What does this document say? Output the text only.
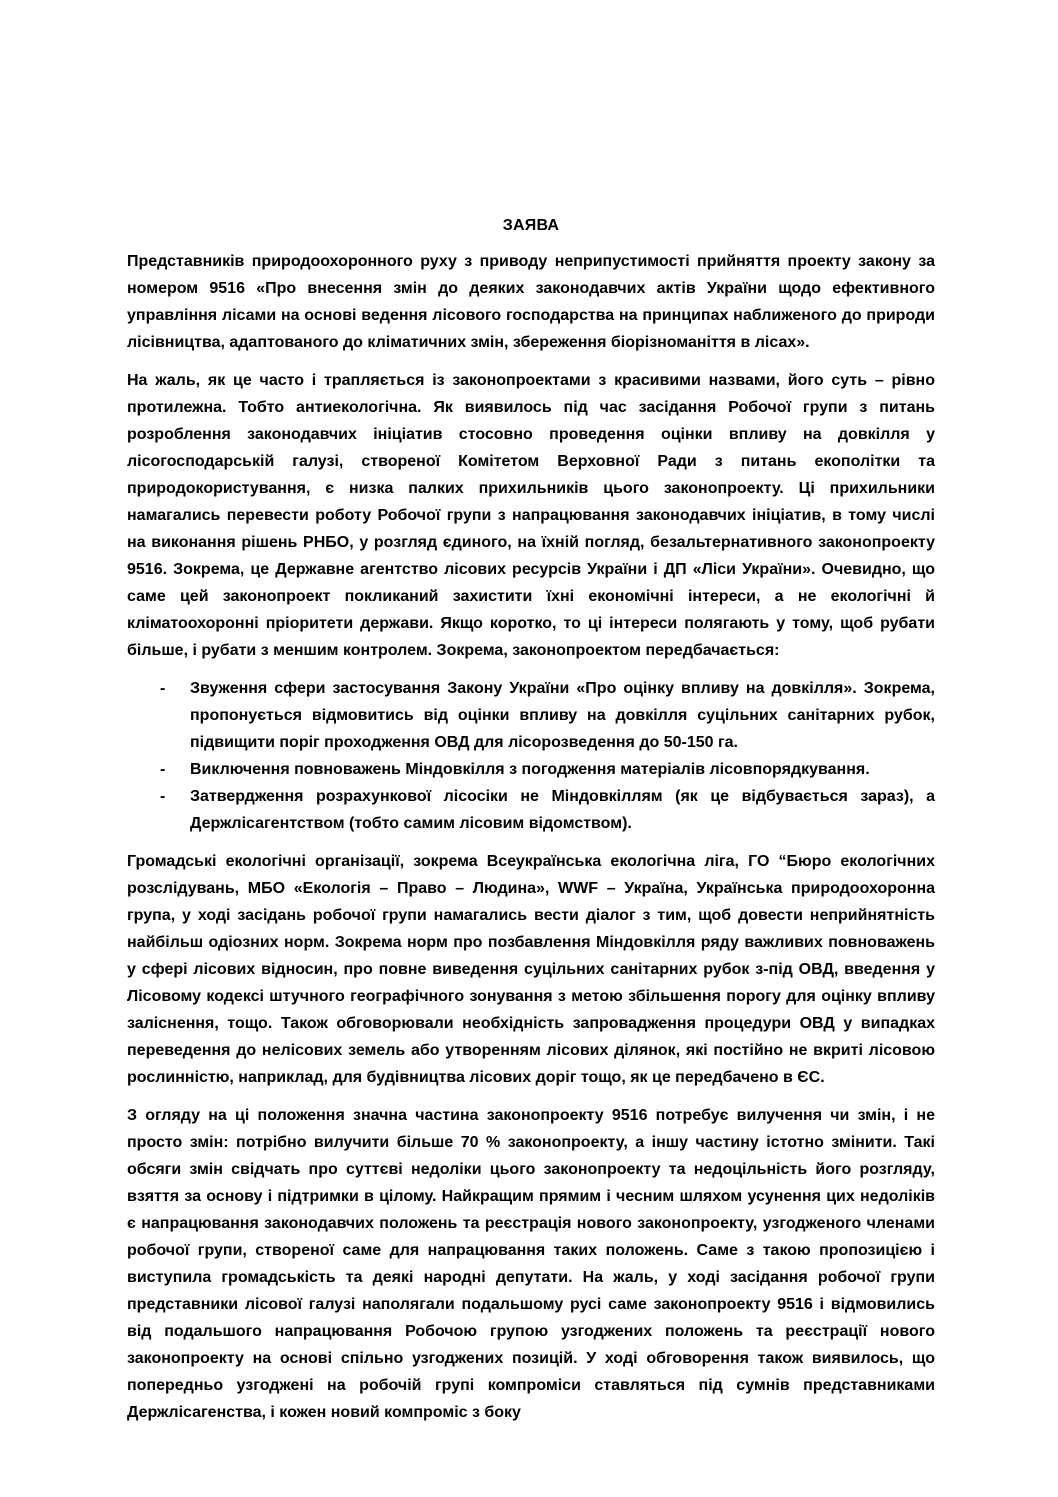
ЗАЯВА

Представників природоохоронного руху з приводу неприпустимості прийняття проекту закону за номером 9516 «Про внесення змін до деяких законодавчих актів України щодо ефективного управління лісами на основі ведення лісового господарства на принципах наближеного до природи лісівництва, адаптованого до кліматичних змін, збереження біорізноманіття в лісах».

На жаль, як це часто і трапляється із законопроектами з красивими назвами, його суть – рівно протилежна. Тобто антиекологічна. Як виявилось під час засідання Робочої групи з питань розроблення законодавчих ініціатив стосовно проведення оцінки впливу на довкілля у лісогосподарській галузі, створеної Комітетом Верховної Ради з питань екополітки та природокористування, є низка палких прихильників цього законопроекту. Ці прихильники намагались перевести роботу Робочої групи з напрацювання законодавчих ініціатив, в тому числі на виконання рішень РНБО, у розгляд єдиного, на їхній погляд, безальтернативного законопроекту 9516. Зокрема, це Державне агентство лісових ресурсів України і ДП «Ліси України». Очевидно, що саме цей законопроект покликаний захистити їхні економічні інтереси, а не екологічні й кліматоохоронні пріоритети держави. Якщо коротко, то ці інтереси полягають у тому, щоб рубати більше, і рубати з меншим контролем. Зокрема, законопроектом передбачається:

- Звуження сфери застосування Закону України «Про оцінку впливу на довкілля». Зокрема, пропонується відмовитись від оцінки впливу на довкілля суцільних санітарних рубок, підвищити поріг проходження ОВД для лісорозведення до 50-150 га.
- Виключення повноважень Міндовкілля з погодження матеріалів лісовпорядкування.
- Затвердження розрахункової лісосіки не Міндовкіллям (як це відбувається зараз), а Держлісагентством (тобто самим лісовим відомством).

Громадські екологічні організації, зокрема Всеукраїнська екологічна ліга, ГО “Бюро екологічних розслідувань, МБО «Екологія – Право – Людина», WWF – Україна, Українська природоохоронна група, у ході засідань робочої групи намагались вести діалог з тим, щоб довести неприйнятність найбільш одіозних норм. Зокрема норм про позбавлення Міндовкілля ряду важливих повноважень у сфері лісових відносин, про повне виведення суцільних санітарних рубок з-під ОВД, введення у Лісовому кодексі штучного географічного зонування з метою збільшення порогу для оцінку впливу заліснення, тощо. Також обговорювали необхідність запровадження процедури ОВД у випадках переведення до нелісових земель або утворенням лісових ділянок, які постійно не вкриті лісовою рослинністю, наприклад, для будівництва лісових доріг тощо, як це передбачено в ЄС.

З огляду на ці положення значна частина законопроекту 9516 потребує вилучення чи змін, і не просто змін: потрібно вилучити більше 70 % законопроекту, а іншу частину істотно змінити. Такі обсяги змін свідчать про суттєві недоліки цього законопроекту та недоцільність його розгляду, взяття за основу і підтримки в цілому. Найкращим прямим і чесним шляхом усунення цих недоліків є напрацювання законодавчих положень та реєстрація нового законопроекту, узгодженого членами робочої групи, створеної саме для напрацювання таких положень. Саме з такою пропозицією і виступила громадськість та деякі народні депутати. На жаль, у ході засідання робочої групи представники лісової галузі наполягали подальшому русі саме законопроекту 9516 і відмовились від подальшого напрацювання Робочою групою узгоджених положень та реєстрації нового законопроекту на основі спільно узгоджених позицій. У ході обговорення також виявилось, що попередньо узгоджені на робочій групі компроміси ставляться під сумнів представниками Держлісагенства, і кожен новий компроміс з боку
